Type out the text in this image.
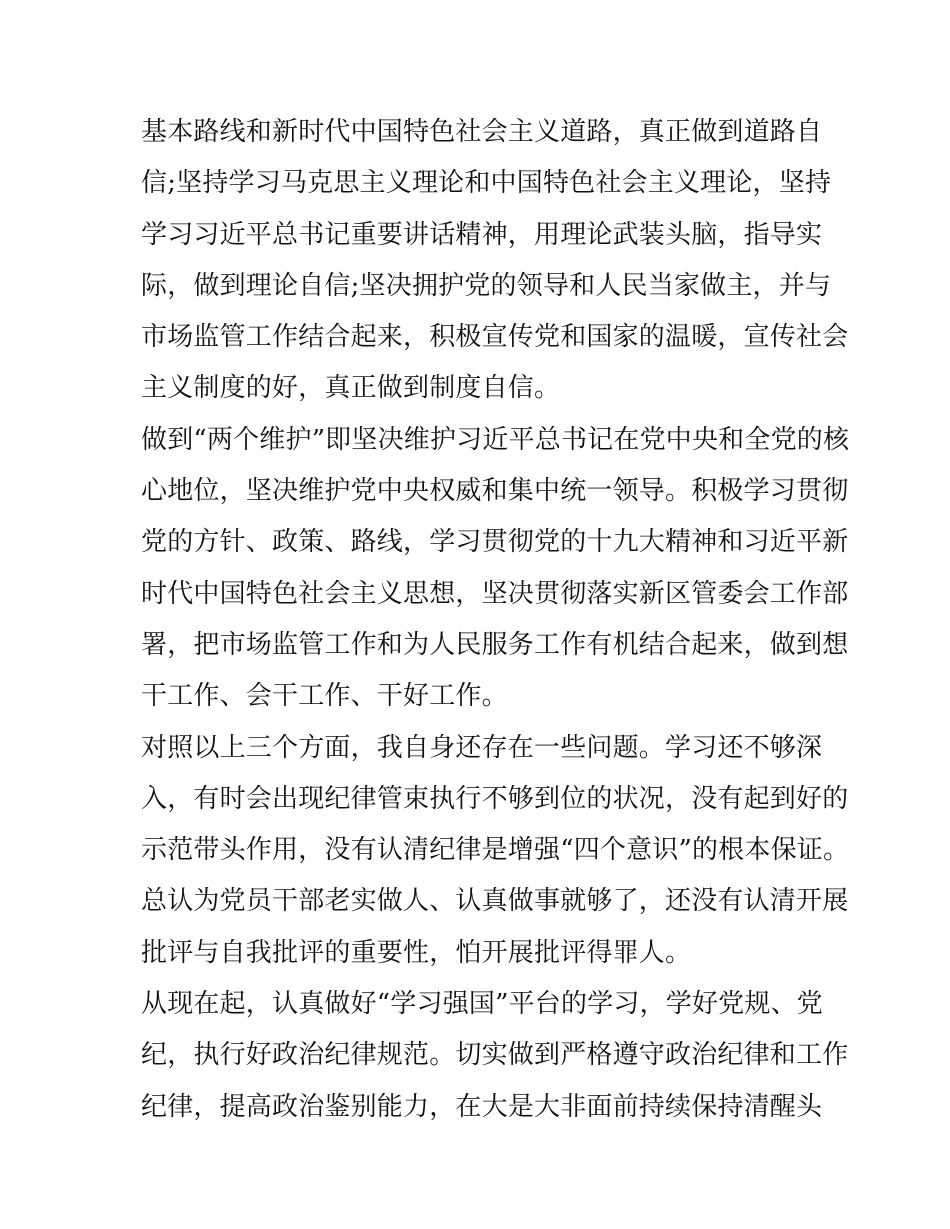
基本路线和新时代中国特色社会主义道路，真正做到道路自
信;坚持学习马克思主义理论和中国特色社会主义理论，坚持
学习习近平总书记重要讲话精神，用理论武装头脑，指导实
际，做到理论自信;坚决拥护党的领导和人民当家做主，并与
市场监管工作结合起来，积极宣传党和国家的温暖，宣传社会
主义制度的好，真正做到制度自信。
做到“两个维护”即坚决维护习近平总书记在党中央和全党的核
心地位，坚决维护党中央权威和集中统一领导。积极学习贯彻
党的方针、政策、路线，学习贯彻党的十九大精神和习近平新
时代中国特色社会主义思想，坚决贯彻落实新区管委会工作部
署，把市场监管工作和为人民服务工作有机结合起来，做到想
干工作、会干工作、干好工作。
对照以上三个方面，我自身还存在一些问题。学习还不够深
入，有时会出现纪律管束执行不够到位的状况，没有起到好的
示范带头作用，没有认清纪律是增强“四个意识”的根本保证。
总认为党员干部老实做人、认真做事就够了，还没有认清开展
批评与自我批评的重要性，怕开展批评得罪人。
从现在起，认真做好“学习强国”平台的学习，学好党规、党
纪，执行好政治纪律规范。切实做到严格遵守政治纪律和工作
纪律，提高政治鉴别能力，在大是大非面前持续保持清醒头
